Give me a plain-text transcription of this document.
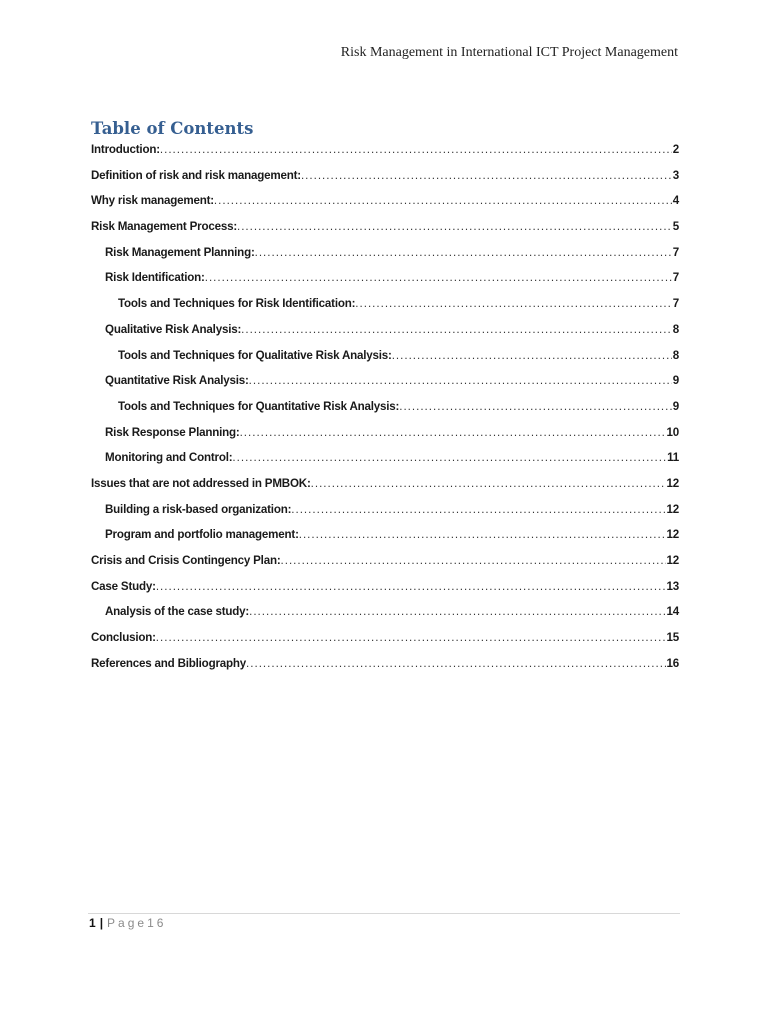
Risk Management in International ICT Project Management
Table of Contents
Introduction: .....	2
Definition of risk and risk management: .....	3
Why risk management: .....	4
Risk Management Process: .....	5
Risk Management Planning: .....	7
Risk Identification: .....	7
Tools and Techniques for Risk Identification: .....	7
Qualitative Risk Analysis: .....	8
Tools and Techniques for Qualitative Risk Analysis: .....	8
Quantitative Risk Analysis: .....	9
Tools and Techniques for Quantitative Risk Analysis: .....	9
Risk Response Planning: .....	10
Monitoring and Control: .....	11
Issues that are not addressed in PMBOK: .....	12
Building a risk-based organization: .....	12
Program and portfolio management: .....	12
Crisis and Crisis Contingency Plan: .....	12
Case Study: .....	13
Analysis of the case study: .....	14
Conclusion: .....	15
References and Bibliography .....	16
1 | Page16
